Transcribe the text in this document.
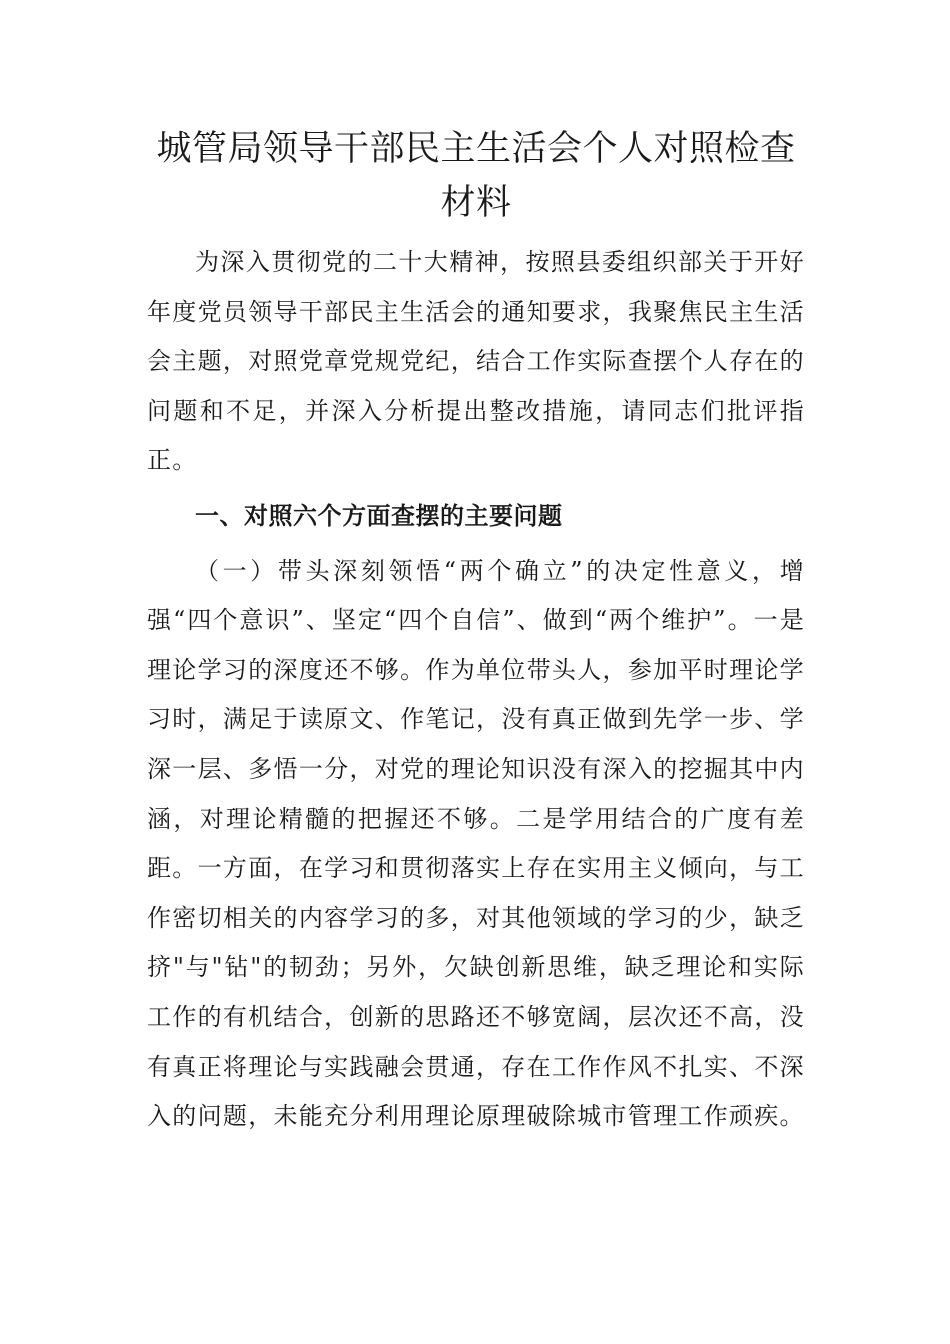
城管局领导干部民主生活会个人对照检查材料

为深入贯彻党的二十大精神，按照县委组织部关于开好年度党员领导干部民主生活会的通知要求，我聚焦民主生活会主题，对照党章党规党纪，结合工作实际查摆个人存在的问题和不足，并深入分析提出整改措施，请同志们批评指正。

一、对照六个方面查摆的主要问题

（一）带头深刻领悟“两个确立”的决定性意义，增强“四个意识”、坚定“四个自信”、做到“两个维护”。一是理论学习的深度还不够。作为单位带头人，参加平时理论学习时，满足于读原文、作笔记，没有真正做到先学一步、学深一层、多悟一分，对党的理论知识没有深入的挖掘其中内涵，对理论精髓的把握还不够。二是学用结合的广度有差距。一方面，在学习和贯彻落实上存在实用主义倾向，与工作密切相关的内容学习的多，对其他领域的学习的少，缺乏挤"与"钻"的韧劲；另外，欠缺创新思维，缺乏理论和实际工作的有机结合，创新的思路还不够宽阔，层次还不高，没有真正将理论与实践融会贯通，存在工作作风不扎实、不深入的问题，未能充分利用理论原理破除城市管理工作顽疾。
